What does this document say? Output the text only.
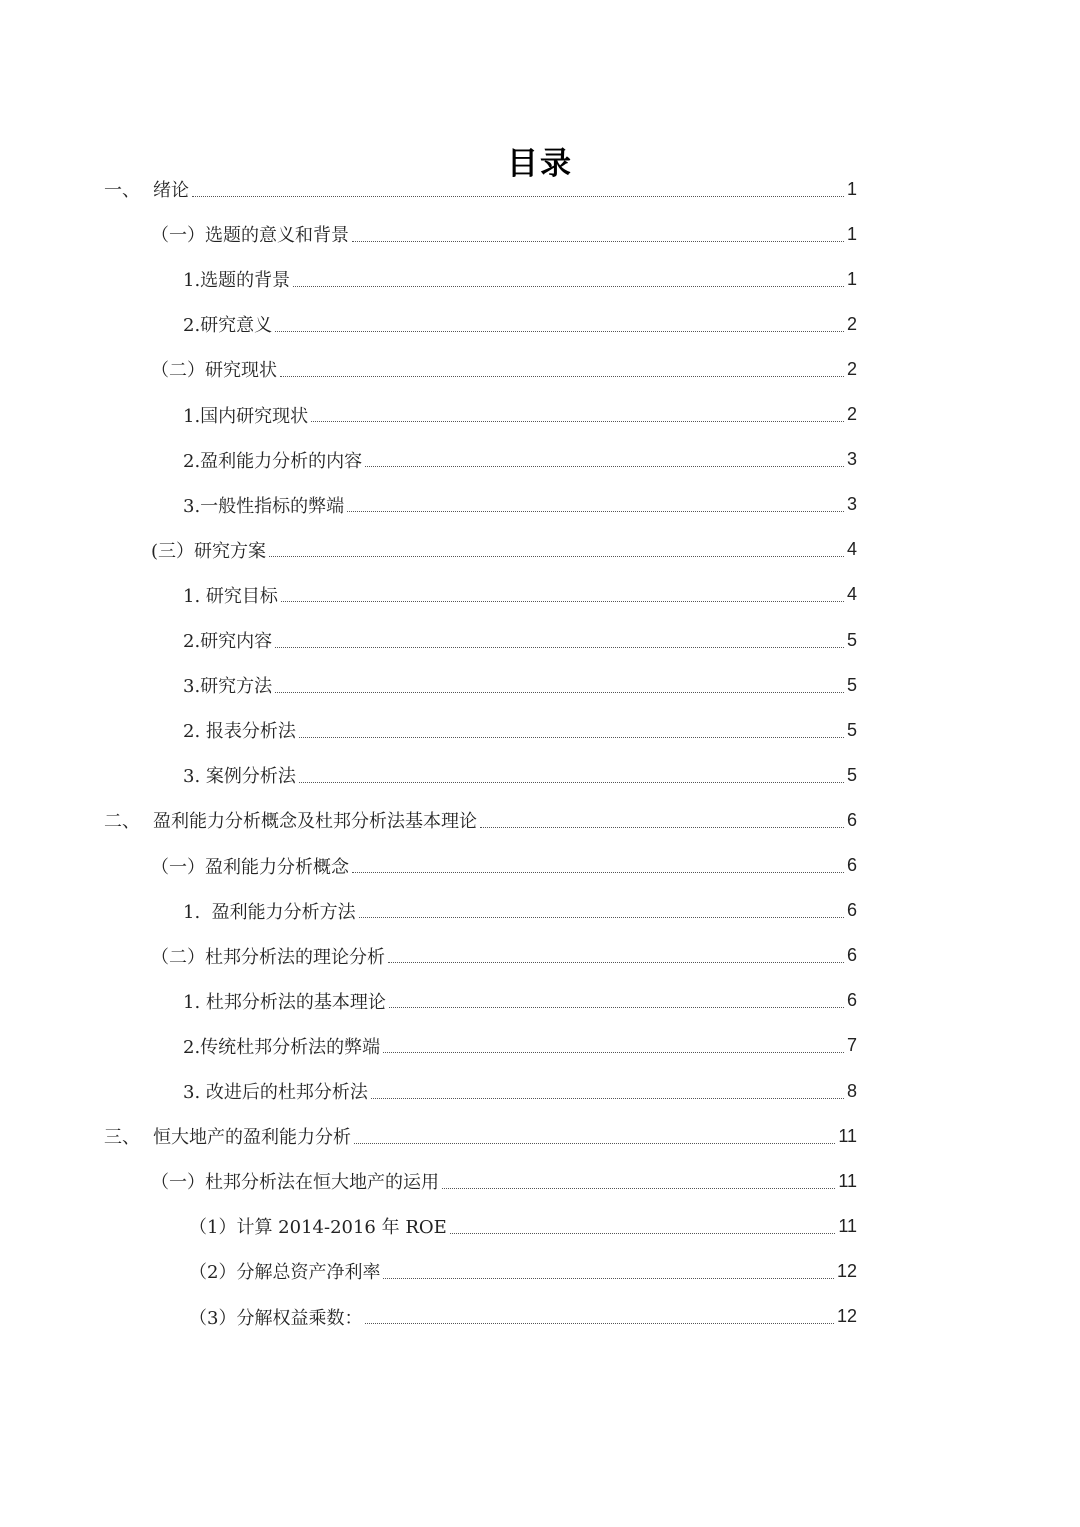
目录
一、 绪论	1
（一）选题的意义和背景	1
1.选题的背景	1
2.研究意义	2
（二）研究现状	2
1.国内研究现状	2
2.盈利能力分析的内容	3
3.一般性指标的弊端	3
(三）研究方案	4
1. 研究目标	4
2.研究内容	5
3.研究方法	5
2. 报表分析法	5
3. 案例分析法	5
二、 盈利能力分析概念及杜邦分析法基本理论	6
（一）盈利能力分析概念	6
1.  盈利能力分析方法	6
（二）杜邦分析法的理论分析	6
1. 杜邦分析法的基本理论	6
2.传统杜邦分析法的弊端	7
3. 改进后的杜邦分析法	8
三、 恒大地产的盈利能力分析	11
（一）杜邦分析法在恒大地产的运用	11
（1）计算 2014-2016 年 ROE	11
（2）分解总资产净利率	12
（3）分解权益乘数：	12
